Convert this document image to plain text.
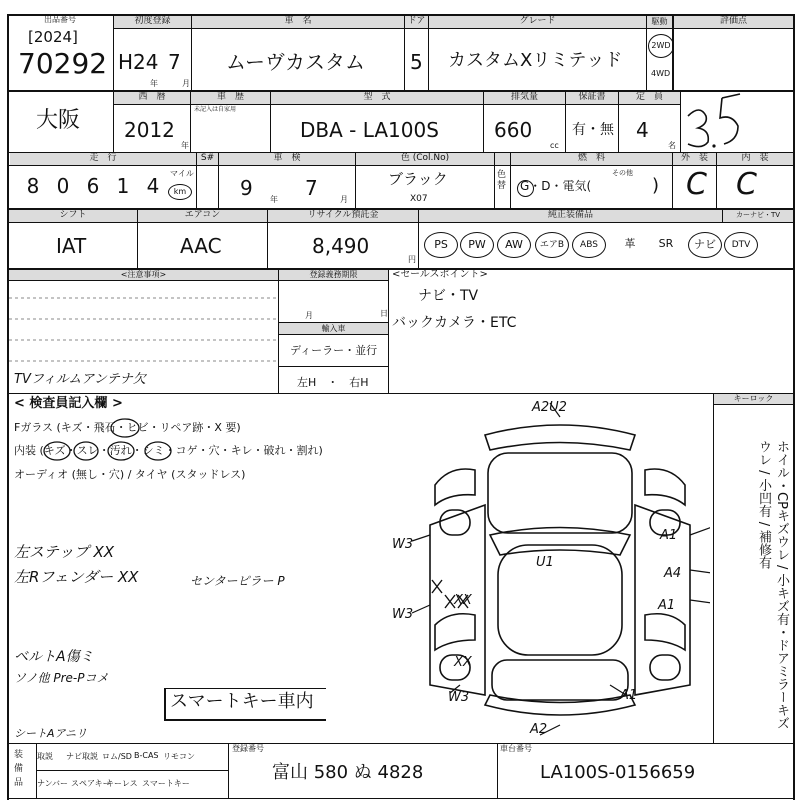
出品番号
[2024]
70292
初度登録
H24 7
年	月
車　名
ムーヴカスタム
ドア
5
グレード
カスタムXリミテッド
駆動
2WD
4WD
評価点
大阪
西　暦
2012
年
車　歴
未記入は自家用
型　式
DBA - LA100S
排気量
660
cc
保証書
有・無
定　員
4
名
走　行
8 0 6 1 4
マイル
km
S#	車　検
9 年 7	月
色 (Col.No)
ブラック
X07
色替
燃　料
G・D・電気(
その他
)
外　装	内　装
C C
シフト
IAT
エアコン
AAC
リサイクル預託金
8,490
円
純正装備品	カーナビ・TV
PS	PW	AW	エアB	ABS	革	SR	ナビ	DTV
<注意事項>	登録義務期限	<セールスポイント>
TVフィルムアンテナ欠
月	日
輸入車
ディーラー・並行
左H　・　右H
ナビ・TV
バックカメラ・ETC
キーロック
< 検査員記入欄 >
Fガラス (キズ・飛石・ヒビ・リペア跡・X 要)
内装 (キズ・スレ・汚れ・シミ・コゲ・穴・キレ・破れ・割れ)
オーディオ (無し・穴) / タイヤ (スタッドレス)
A2U2
W3
U1
A1
A4
A1
W3
XX
XX
W3	A1
A2
左ステップ XX
左Rフェンダー XX	センターピラー P
ベルトA傷ミ
ソノ他 Pre-Pコメ
スマートキー車内
シートAアニリ
ホイル・CPキズウレ / 小キズ有・ドアミラーキズウレ / 小凹有 / 補修有
装備品
取説 ナビ取説 ロム/SD B-CAS リモコン
ナンバー スペアキー
キーレス スマートキー
登録番号
富山 580 ぬ 4828
車台番号
LA100S-0156659
